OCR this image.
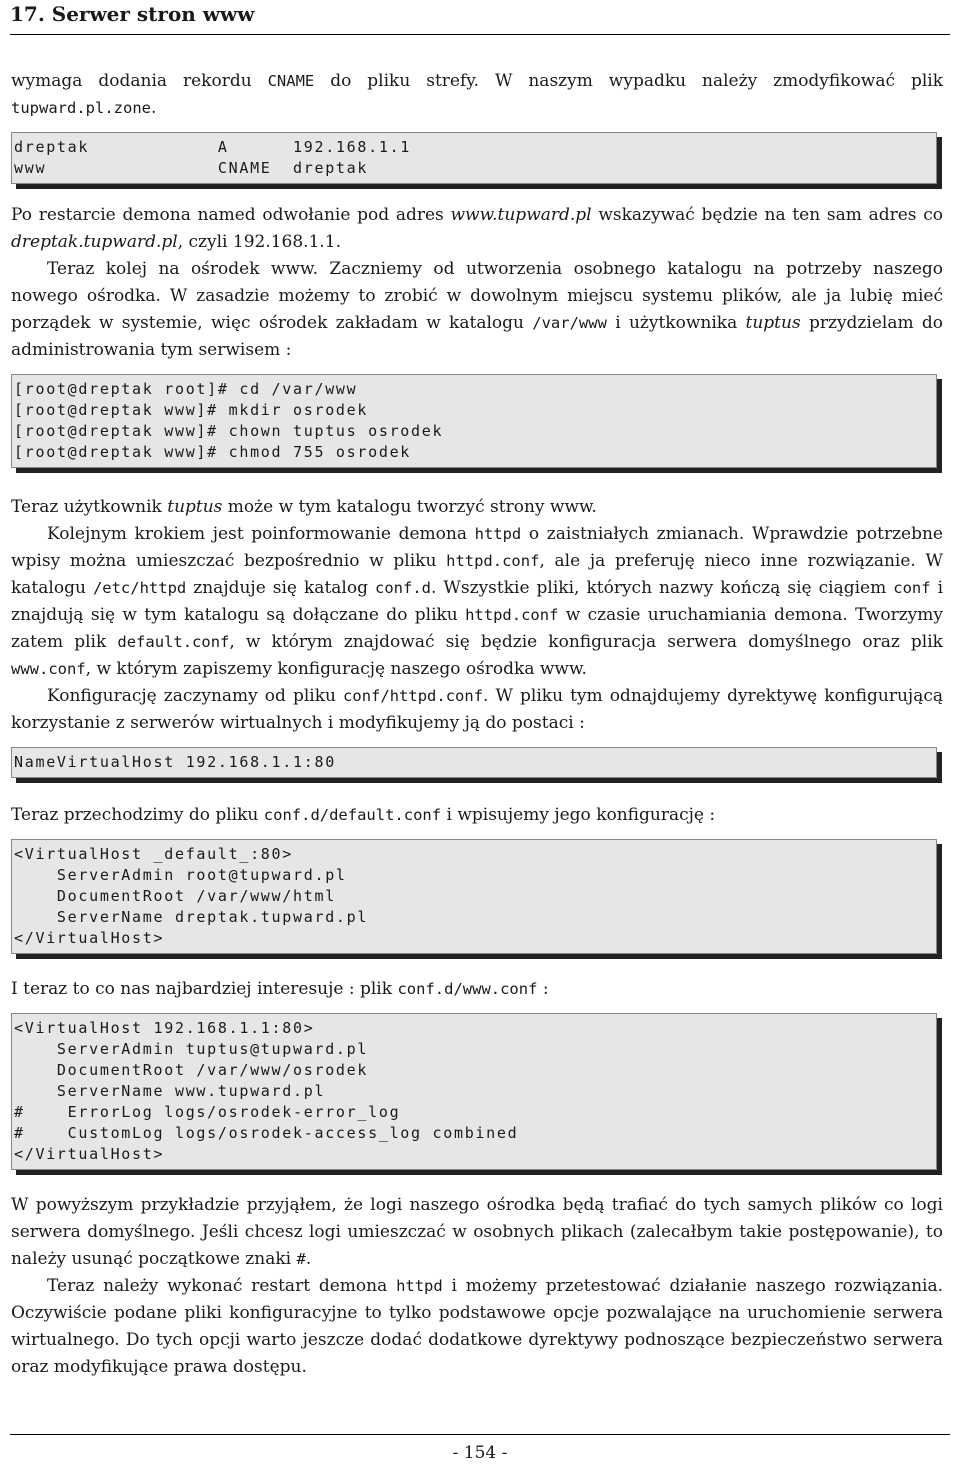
17. Serwer stron www

wymaga dodania rekordu CNAME do pliku strefy. W naszym wypadku należy zmodyfikować plik tupward.pl.zone.

dreptak            A      192.168.1.1
www                CNAME  dreptak

Po restarcie demona named odwołanie pod adres www.tupward.pl wskazywać będzie na ten sam adres co dreptak.tupward.pl, czyli 192.168.1.1.

Teraz kolej na ośrodek www. Zaczniemy od utworzenia osobnego katalogu na potrzeby naszego nowego ośrodka. W zasadzie możemy to zrobić w dowolnym miejscu systemu plików, ale ja lubię mieć porządek w systemie, więc ośrodek zakładam w katalogu /var/www i użytkownika tuptus przydzielam do administrowania tym serwisem :

[root@dreptak root]# cd /var/www
[root@dreptak www]# mkdir osrodek
[root@dreptak www]# chown tuptus osrodek
[root@dreptak www]# chmod 755 osrodek

Teraz użytkownik tuptus może w tym katalogu tworzyć strony www.

Kolejnym krokiem jest poinformowanie demona httpd o zaistniałych zmianach. Wprawdzie potrzebne wpisy można umieszczać bezpośrednio w pliku httpd.conf, ale ja preferuję nieco inne rozwiązanie. W katalogu /etc/httpd znajduje się katalog conf.d. Wszystkie pliki, których nazwy kończą się ciągiem conf i znajdują się w tym katalogu są dołączane do pliku httpd.conf w czasie uruchamiania demona. Tworzymy zatem plik default.conf, w którym znajdować się będzie konfiguracja serwera domyślnego oraz plik www.conf, w którym zapiszemy konfigurację naszego ośrodka www.

Konfigurację zaczynamy od pliku conf/httpd.conf. W pliku tym odnajdujemy dyrektywę konfigurującą korzystanie z serwerów wirtualnych i modyfikujemy ją do postaci :

NameVirtualHost 192.168.1.1:80

Teraz przechodzimy do pliku conf.d/default.conf i wpisujemy jego konfigurację :

<VirtualHost _default_:80>
ServerAdmin root@tupward.pl
DocumentRoot /var/www/html
ServerName dreptak.tupward.pl
</VirtualHost>

I teraz to co nas najbardziej interesuje : plik conf.d/www.conf :

<VirtualHost 192.168.1.1:80>
ServerAdmin tuptus@tupward.pl
DocumentRoot /var/www/osrodek
ServerName www.tupward.pl
#    ErrorLog logs/osrodek-error_log
#    CustomLog logs/osrodek-access_log combined
</VirtualHost>

W powyższym przykładzie przyjąłem, że logi naszego ośrodka będą trafiać do tych samych plików co logi serwera domyślnego. Jeśli chcesz logi umieszczać w osobnych plikach (zalecałbym takie postępowanie), to należy usunąć początkowe znaki #.

Teraz należy wykonać restart demona httpd i możemy przetestować działanie naszego rozwiązania. Oczywiście podane pliki konfiguracyjne to tylko podstawowe opcje pozwalające na uruchomienie serwera wirtualnego. Do tych opcji warto jeszcze dodać dodatkowe dyrektywy podnoszące bezpieczeństwo serwera oraz modyfikujące prawa dostępu.

- 154 -
